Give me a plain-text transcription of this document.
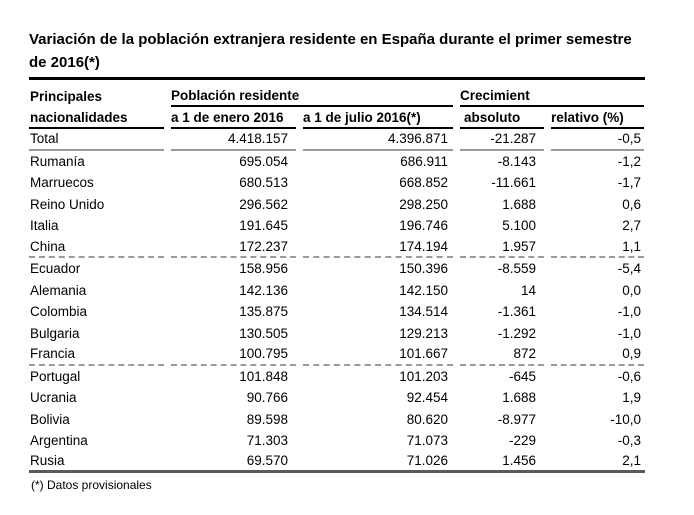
Variación de la población extranjera residente en España durante el primer semestre de 2016(*)
Principales	Población residente	Crecimient
nacionalidades	a 1 de enero 2016	a 1 de julio 2016(*)	absoluto	relativo (%)
Total	4.418.157	4.396.871	-21.287	-0,5
Rumanía	695.054	686.911	-8.143	-1,2
Marruecos	680.513	668.852	-11.661	-1,7
Reino Unido	296.562	298.250	1.688	0,6
Italia	191.645	196.746	5.100	2,7
China	172.237	174.194	1.957	1,1
Ecuador	158.956	150.396	-8.559	-5,4
Alemania	142.136	142.150	14	0,0
Colombia	135.875	134.514	-1.361	-1,0
Bulgaria	130.505	129.213	-1.292	-1,0
Francia	100.795	101.667	872	0,9
Portugal	101.848	101.203	-645	-0,6
Ucrania	90.766	92.454	1.688	1,9
Bolivia	89.598	80.620	-8.977	-10,0
Argentina	71.303	71.073	-229	-0,3
Rusia	69.570	71.026	1.456	2,1
(*) Datos provisionales
